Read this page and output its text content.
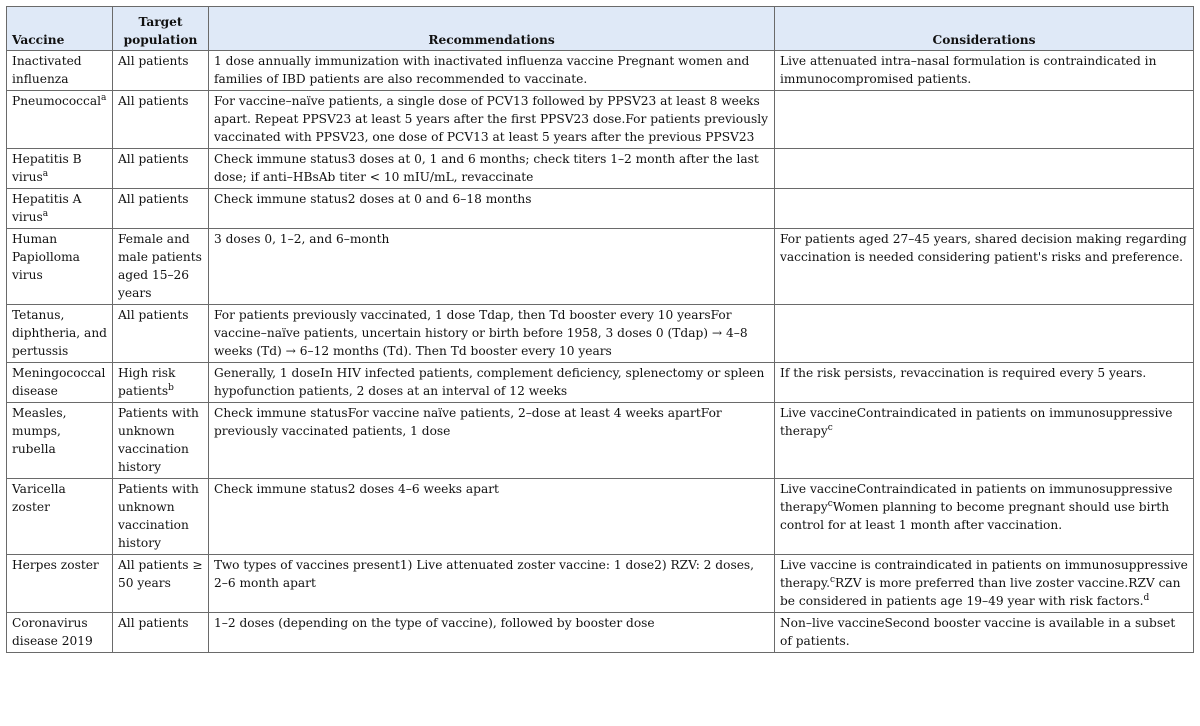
Vaccine	Target population	Recommendations	Considerations
Inactivated influenza	All patients	1 dose annually immunization with inactivated influenza vaccine Pregnant women and families of IBD patients are also recommended to vaccinate.	Live attenuated intra–nasal formulation is contraindicated in immunocompromised patients.
Pneumococcal$^a$	All patients	For vaccine–naïve patients, a single dose of PCV13 followed by PPSV23 at least 8 weeks apart. Repeat PPSV23 at least 5 years after the first PPSV23 dose.For patients previously vaccinated with PPSV23, one dose of PCV13 at least 5 years after the previous PPSV23	
Hepatitis B virus$^a$	All patients	Check immune status3 doses at 0, 1 and 6 months; check titers 1–2 month after the last dose; if anti–HBsAb titer < 10 mIU/mL, revaccinate	
Hepatitis A virus$^a$	All patients	Check immune status2 doses at 0 and 6–18 months	
Human Papiolloma virus	Female and male patients aged 15–26 years	3 doses 0, 1–2, and 6–month	For patients aged 27–45 years, shared decision making regarding vaccination is needed considering patient's risks and preference.
Tetanus, diphtheria, and pertussis	All patients	For patients previously vaccinated, 1 dose Tdap, then Td booster every 10 yearsFor vaccine–naïve patients, uncertain history or birth before 1958, 3 doses 0 (Tdap) → 4–8 weeks (Td) → 6–12 months (Td). Then Td booster every 10 years	
Meningococcal disease	High risk patients$^b$	Generally, 1 doseIn HIV infected patients, complement deficiency, splenectomy or spleen hypofunction patients, 2 doses at an interval of 12 weeks	If the risk persists, revaccination is required every 5 years.
Measles, mumps, rubella	Patients with unknown vaccination history	Check immune statusFor vaccine naïve patients, 2–dose at least 4 weeks apartFor previously vaccinated patients, 1 dose	Live vaccineContraindicated in patients on immunosuppressive therapy$^c$
Varicella zoster	Patients with unknown vaccination history	Check immune status2 doses 4–6 weeks apart	Live vaccineContraindicated in patients on immunosuppressive therapy$^c$Women planning to become pregnant should use birth control for at least 1 month after vaccination.
Herpes zoster	All patients ≥ 50 years	Two types of vaccines present1) Live attenuated zoster vaccine: 1 dose2) RZV: 2 doses, 2–6 month apart	Live vaccine is contraindicated in patients on immunosuppressive therapy.$^c$RZV is more preferred than live zoster vaccine.RZV can be considered in patients age 19–49 year with risk factors.$^d$
Coronavirus disease 2019	All patients	1–2 doses (depending on the type of vaccine), followed by booster dose	Non–live vaccineSecond booster vaccine is available in a subset of patients.
